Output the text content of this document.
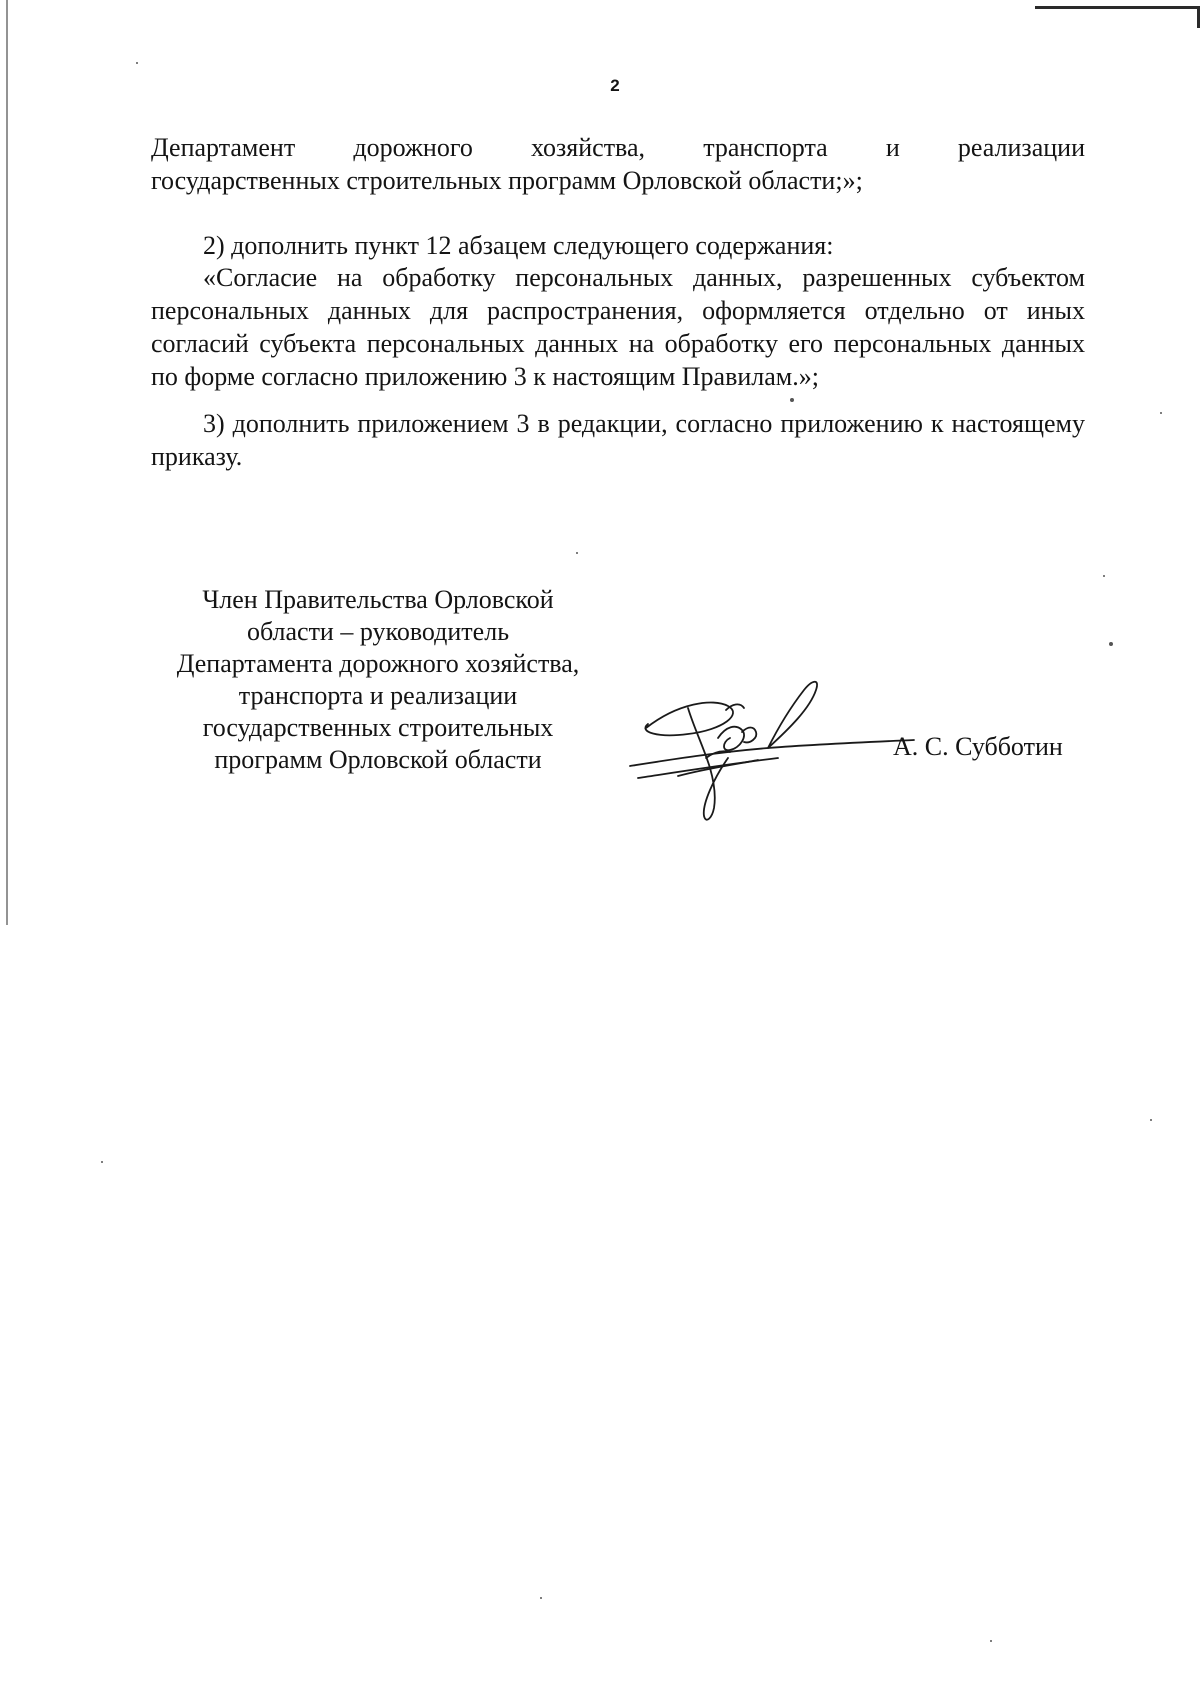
2
Департамент дорожного хозяйства, транспорта и реализации
государственных строительных программ Орловской области;»;
2) дополнить пункт 12 абзацем следующего содержания:
«Согласие на обработку персональных данных, разрешенных субъектом персональных данных для распространения, оформляется отдельно от иных согласий субъекта персональных данных на обработку его персональных данных по форме согласно приложению 3 к настоящим Правилам.»;
3) дополнить приложением 3 в редакции, согласно приложению к настоящему приказу.
Член Правительства Орловской
области – руководитель
Департамента дорожного хозяйства,
транспорта и реализации
государственных строительных
программ Орловской области	А. С. Субботин
